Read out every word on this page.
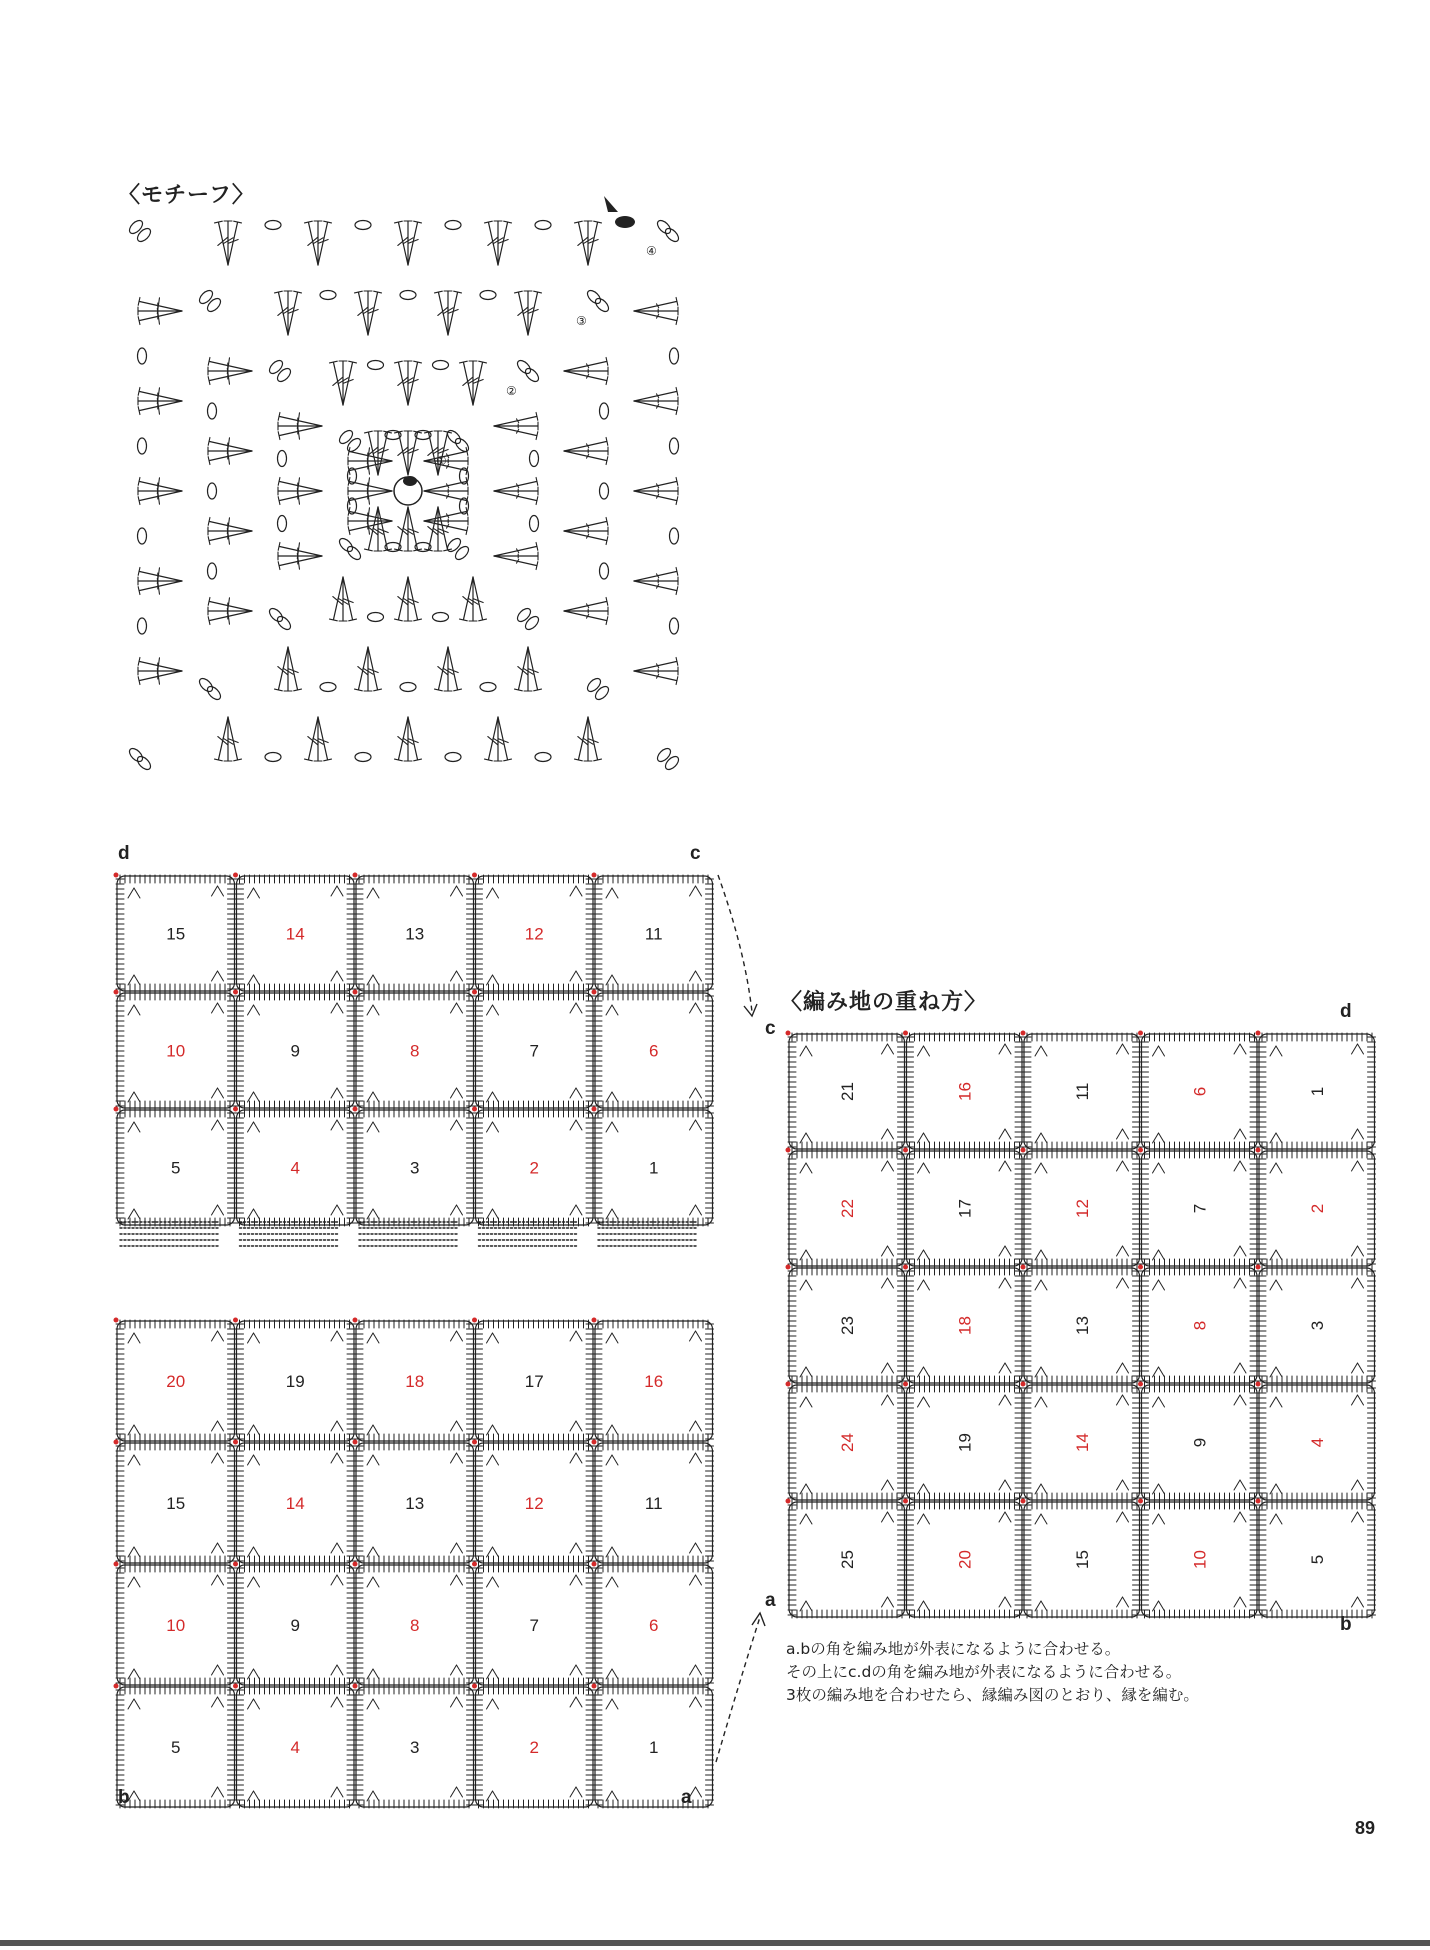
〈モチーフ〉
〈編み地の重ね方〉
d	c
b	a
c
d
a
b
a.bの角を編み地が外表になるように合わせる。
その上にc.dの角を編み地が外表になるように合わせる。
3枚の編み地を合わせたら、縁編み図のとおり、縁を編む。
89
①
②
③
④
15	14	13	12	11
10	9	8	7	6
5	4	3	2	1
20	19	18	17	16
15	14	13	12	11
10	9	8	7	6
5	4	3	2	1
21	16	11	6	1
22	17	12	7	2
23	18	13	8	3
24	19	14	9	4
25	20	15	10	5
